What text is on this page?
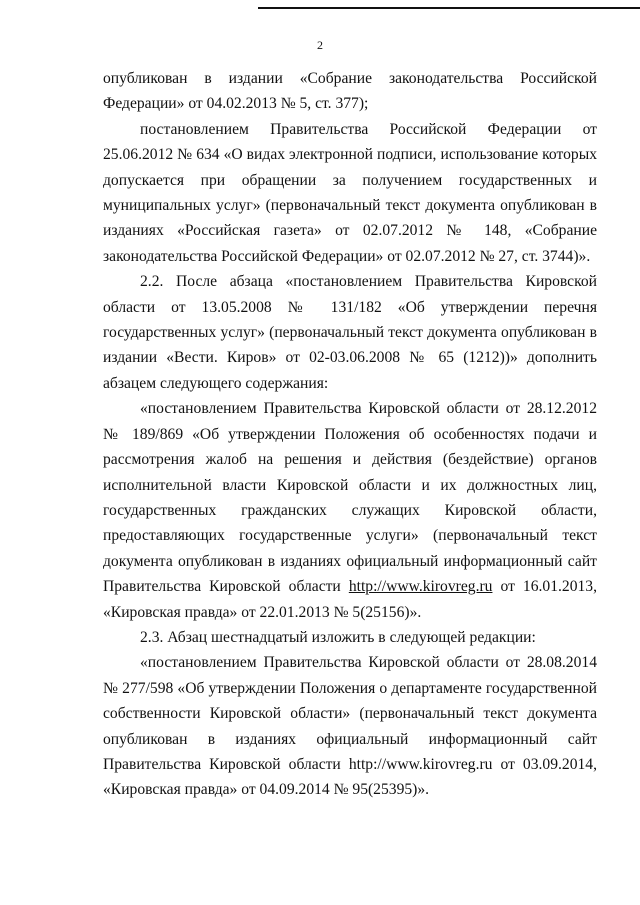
2

опубликован в издании «Собрание законодательства Российской Федерации» от 04.02.2013 № 5, ст. 377);

постановлением Правительства Российской Федерации от 25.06.2012 № 634 «О видах электронной подписи, использование которых допускается при обращении за получением государственных и муниципальных услуг» (первоначальный текст документа опубликован в изданиях «Российская газета» от 02.07.2012 № 148, «Собрание законодательства Российской Федерации» от 02.07.2012 № 27, ст. 3744)».

2.2. После абзаца «постановлением Правительства Кировской области от 13.05.2008 № 131/182 «Об утверждении перечня государственных услуг» (первоначальный текст документа опубликован в издании «Вести. Киров» от 02-03.06.2008 № 65 (1212))» дополнить абзацем следующего содержания:

«постановлением Правительства Кировской области от 28.12.2012 № 189/869 «Об утверждении Положения об особенностях подачи и рассмотрения жалоб на решения и действия (бездействие) органов исполнительной власти Кировской области и их должностных лиц, государственных гражданских служащих Кировской области, предоставляющих государственные услуги» (первоначальный текст документа опубликован в изданиях официальный информационный сайт Правительства Кировской области http://www.kirovreg.ru от 16.01.2013, «Кировская правда» от 22.01.2013 № 5(25156)».

2.3. Абзац шестнадцатый изложить в следующей редакции:

«постановлением Правительства Кировской области от 28.08.2014 № 277/598 «Об утверждении Положения о департаменте государственной собственности Кировской области» (первоначальный текст документа опубликован в изданиях официальный информационный сайт Правительства Кировской области http://www.kirovreg.ru от 03.09.2014, «Кировская правда» от 04.09.2014 № 95(25395)».
